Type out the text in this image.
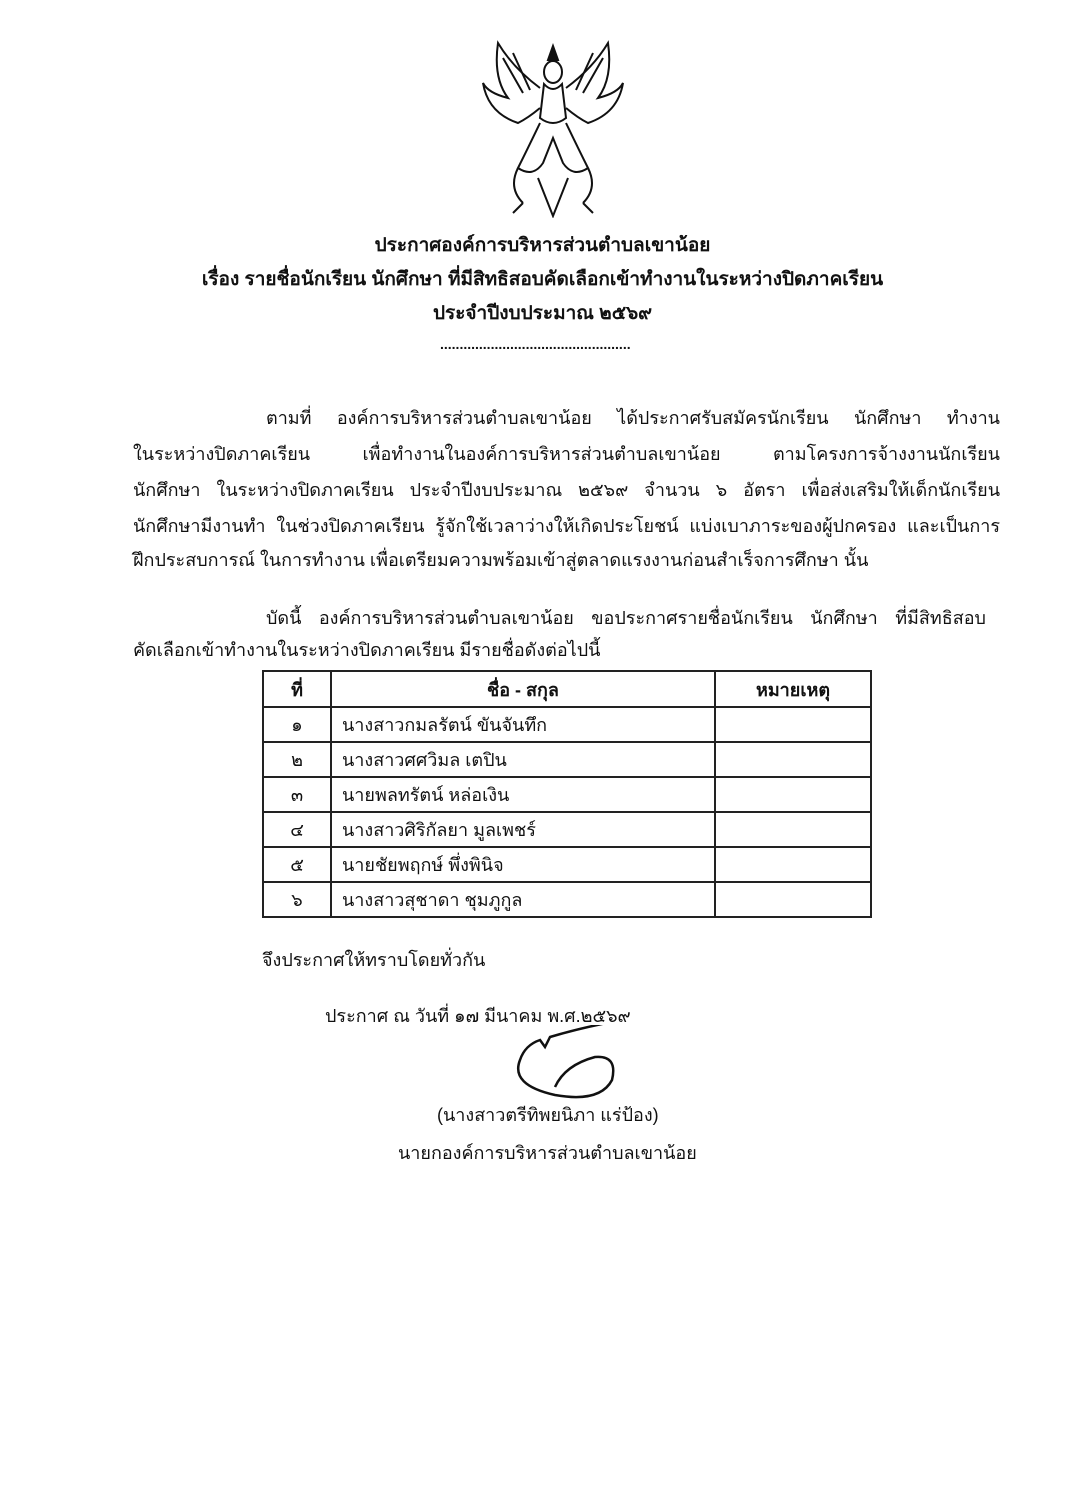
ประกาศองค์การบริหารส่วนตำบลเขาน้อย
เรื่อง รายชื่อนักเรียน นักศึกษา ที่มีสิทธิสอบคัดเลือกเข้าทำงานในระหว่างปิดภาคเรียน
ประจำปีงบประมาณ ๒๕๖๙
.................................................
ตามที่ องค์การบริหารส่วนตำบลเขาน้อย ได้ประกาศรับสมัครนักเรียน นักศึกษา ทำงาน
ในระหว่างปิดภาคเรียน เพื่อทำงานในองค์การบริหารส่วนตำบลเขาน้อย ตามโครงการจ้างงานนักเรียน
นักศึกษา ในระหว่างปิดภาคเรียน ประจำปีงบประมาณ ๒๕๖๙ จำนวน ๖ อัตรา เพื่อส่งเสริมให้เด็กนักเรียน
นักศึกษามีงานทำ ในช่วงปิดภาคเรียน รู้จักใช้เวลาว่างให้เกิดประโยชน์ แบ่งเบาภาระของผู้ปกครอง และเป็นการ
ฝึกประสบการณ์ ในการทำงาน เพื่อเตรียมความพร้อมเข้าสู่ตลาดแรงงานก่อนสำเร็จการศึกษา นั้น
บัดนี้ องค์การบริหารส่วนตำบลเขาน้อย ขอประกาศรายชื่อนักเรียน นักศึกษา ที่มีสิทธิสอบ
คัดเลือกเข้าทำงานในระหว่างปิดภาคเรียน มีรายชื่อดังต่อไปนี้
ที่	ชื่อ - สกุล	หมายเหตุ
๑	นางสาวกมลรัตน์ ขันจันทึก	
๒	นางสาวศศวิมล เตปิน	
๓	นายพลทรัตน์ หล่อเงิน	
๔	นางสาวศิริกัลยา มูลเพชร์	
๕	นายชัยพฤกษ์ พึ่งพินิจ	
๖	นางสาวสุชาดา ชุมภูกูล	
จึงประกาศให้ทราบโดยทั่วกัน
ประกาศ ณ วันที่ ๑๗ มีนาคม พ.ศ.๒๕๖๙
(นางสาวตรีทิพยนิภา แร่ป้อง)
นายกองค์การบริหารส่วนตำบลเขาน้อย
